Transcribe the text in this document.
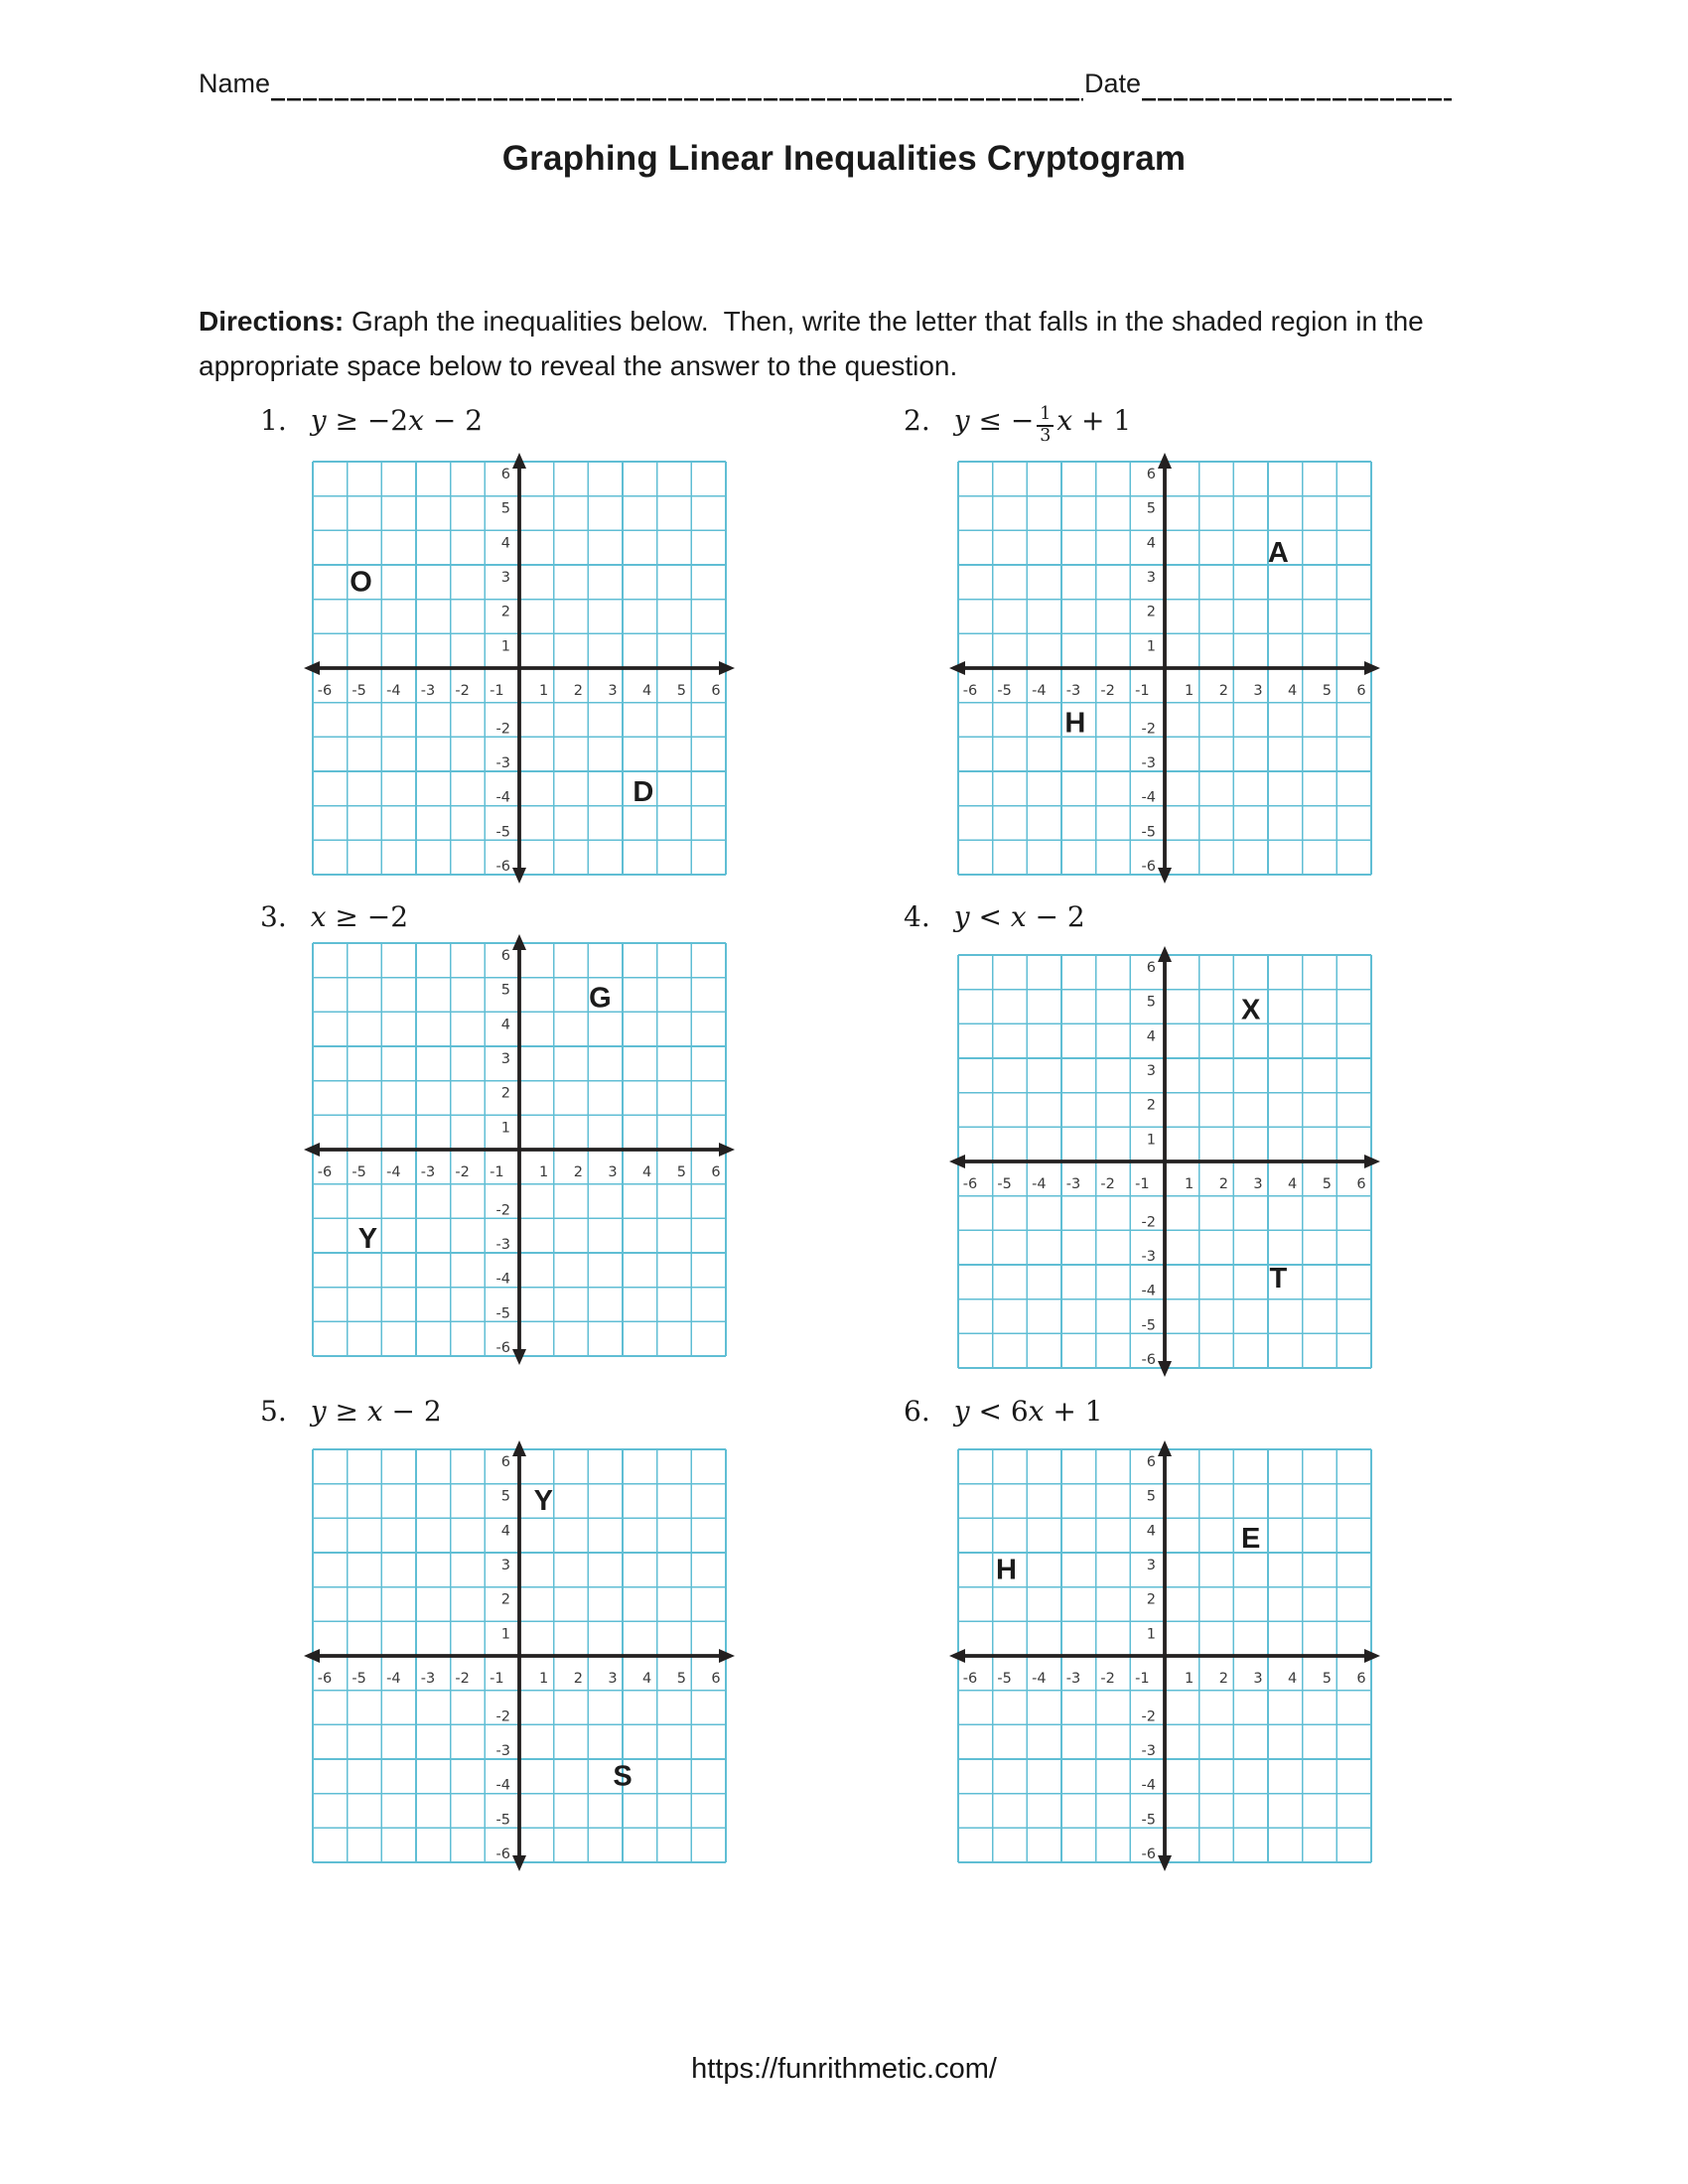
Name	Date
Graphing Linear Inequalities Cryptogram

Directions: Graph the inequalities below.  Then, write the letter that falls in the shaded region in the appropriate space below to reveal the answer to the question.

1. y ≥ −2x − 2
-6 -5 -4 -3 -2 -1 1 2 3 4 5 6
6
5
4
3
2
1
-2
-3
-4
-5
-6
O
D
2. y ≤ − $\frac{1}{3}$ x + 1
-6 -5 -4 -3 -2 -1 1 2 3 4 5 6
6
5
4
3
2
1
-2
-3
-4
-5
-6
A
H
3. x ≥ −2
-6 -5 -4 -3 -2 -1 1 2 3 4 5 6
6
5
4
3
2
1
-2
-3
-4
-5
-6
G
Y
4. y < x − 2
-6 -5 -4 -3 -2 -1 1 2 3 4 5 6
6
5
4
3
2
1
-2
-3
-4
-5
-6
X
T
5. y ≥ x − 2
-6 -5 -4 -3 -2 -1 1 2 3 4 5 6
6
5
4
3
2
1
-2
-3
-4
-5
-6
Y
S
6. y < 6x + 1
-6 -5 -4 -3 -2 -1 1 2 3 4 5 6
6
5
4
3
2
1
-2
-3
-4
-5
-6
H
E
https://funrithmetic.com/
